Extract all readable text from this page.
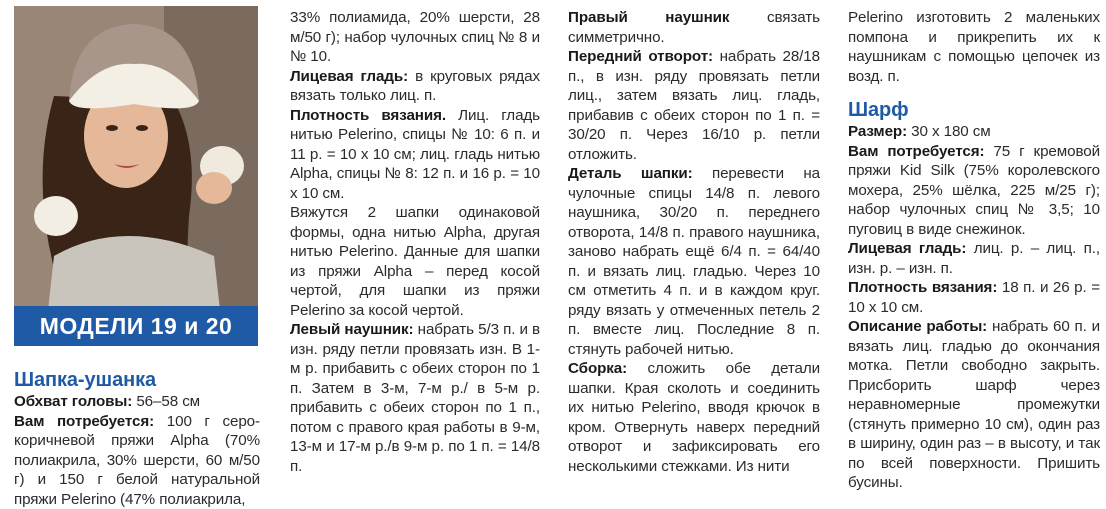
МОДЕЛИ 19 и 20
Шапка-ушанка

Обхват головы: 56–58 см

Вам потребуется: 100 г серо-коричневой пряжи Alpha (70% полиакрила, 30% шерсти, 60 м/50 г) и 150 г белой натуральной пряжи Pelerino (47% полиакрила,

33% полиамида, 20% шерсти, 28 м/50 г); набор чулочных спиц № 8 и № 10.

Лицевая гладь: в круговых рядах вязать только лиц. п.

Плотность вязания. Лиц. гладь нитью Pelerino, спицы № 10: 6 п. и 11 р. = 10 х 10 см; лиц. гладь нитью Alpha, спицы № 8: 12 п. и 16 р. = 10 х 10 см.

Вяжутся 2 шапки одинаковой формы, одна нитью Alpha, другая нитью Pelerino. Данные для шапки из пряжи Alpha – перед косой чертой, для шапки из пряжи Pelerino за косой чертой.

Левый наушник: набрать 5/3 п. и в изн. ряду петли провязать изн. В 1-м р. прибавить с обеих сторон по 1 п. Затем в 3-м, 7-м р./ в 5-м р. прибавить с обеих сторон по 1 п., потом с правого края работы в 9-м, 13-м и 17-м р./в 9-м р. по 1 п. = 14/8 п.

Правый наушник связать симметрично.

Передний отворот: набрать 28/18 п., в изн. ряду провязать петли лиц., затем вязать лиц. гладь, прибавив с обеих сторон по 1 п. = 30/20 п. Через 16/10 р. петли отложить.

Деталь шапки: перевести на чулочные спицы 14/8 п. левого наушника, 30/20 п. переднего отворота, 14/8 п. правого наушника, заново набрать ещё 6/4 п. = 64/40 п. и вязать лиц. гладью. Через 10 см отметить 4 п. и в каждом круг. ряду вязать у отмеченных петель 2 п. вместе лиц. Последние 8 п. стянуть рабочей нитью.

Сборка: сложить обе детали шапки. Края сколоть и соединить их нитью Pelerino, вводя крючок в кром. Отвернуть наверх передний отворот и зафиксировать его несколькими стежками. Из нити

Pelerino изготовить 2 маленьких помпона и прикрепить их к наушникам с помощью цепочек из возд. п.

Шарф

Размер: 30 х 180 см

Вам потребуется: 75 г кремовой пряжи Kid Silk (75% королевского мохера, 25% шёлка, 225 м/25 г); набор чулочных спиц № 3,5; 10 пуговиц в виде снежинок.

Лицевая гладь: лиц. р. – лиц. п., изн. р. – изн. п.

Плотность вязания: 18 п. и 26 р. = 10 х 10 см.

Описание работы: набрать 60 п. и вязать лиц. гладью до окончания мотка. Петли свободно закрыть. Присборить шарф через неравномерные промежутки (стянуть примерно 10 см), один раз в ширину, один раз – в высоту, и так по всей поверхности. Пришить бусины.
